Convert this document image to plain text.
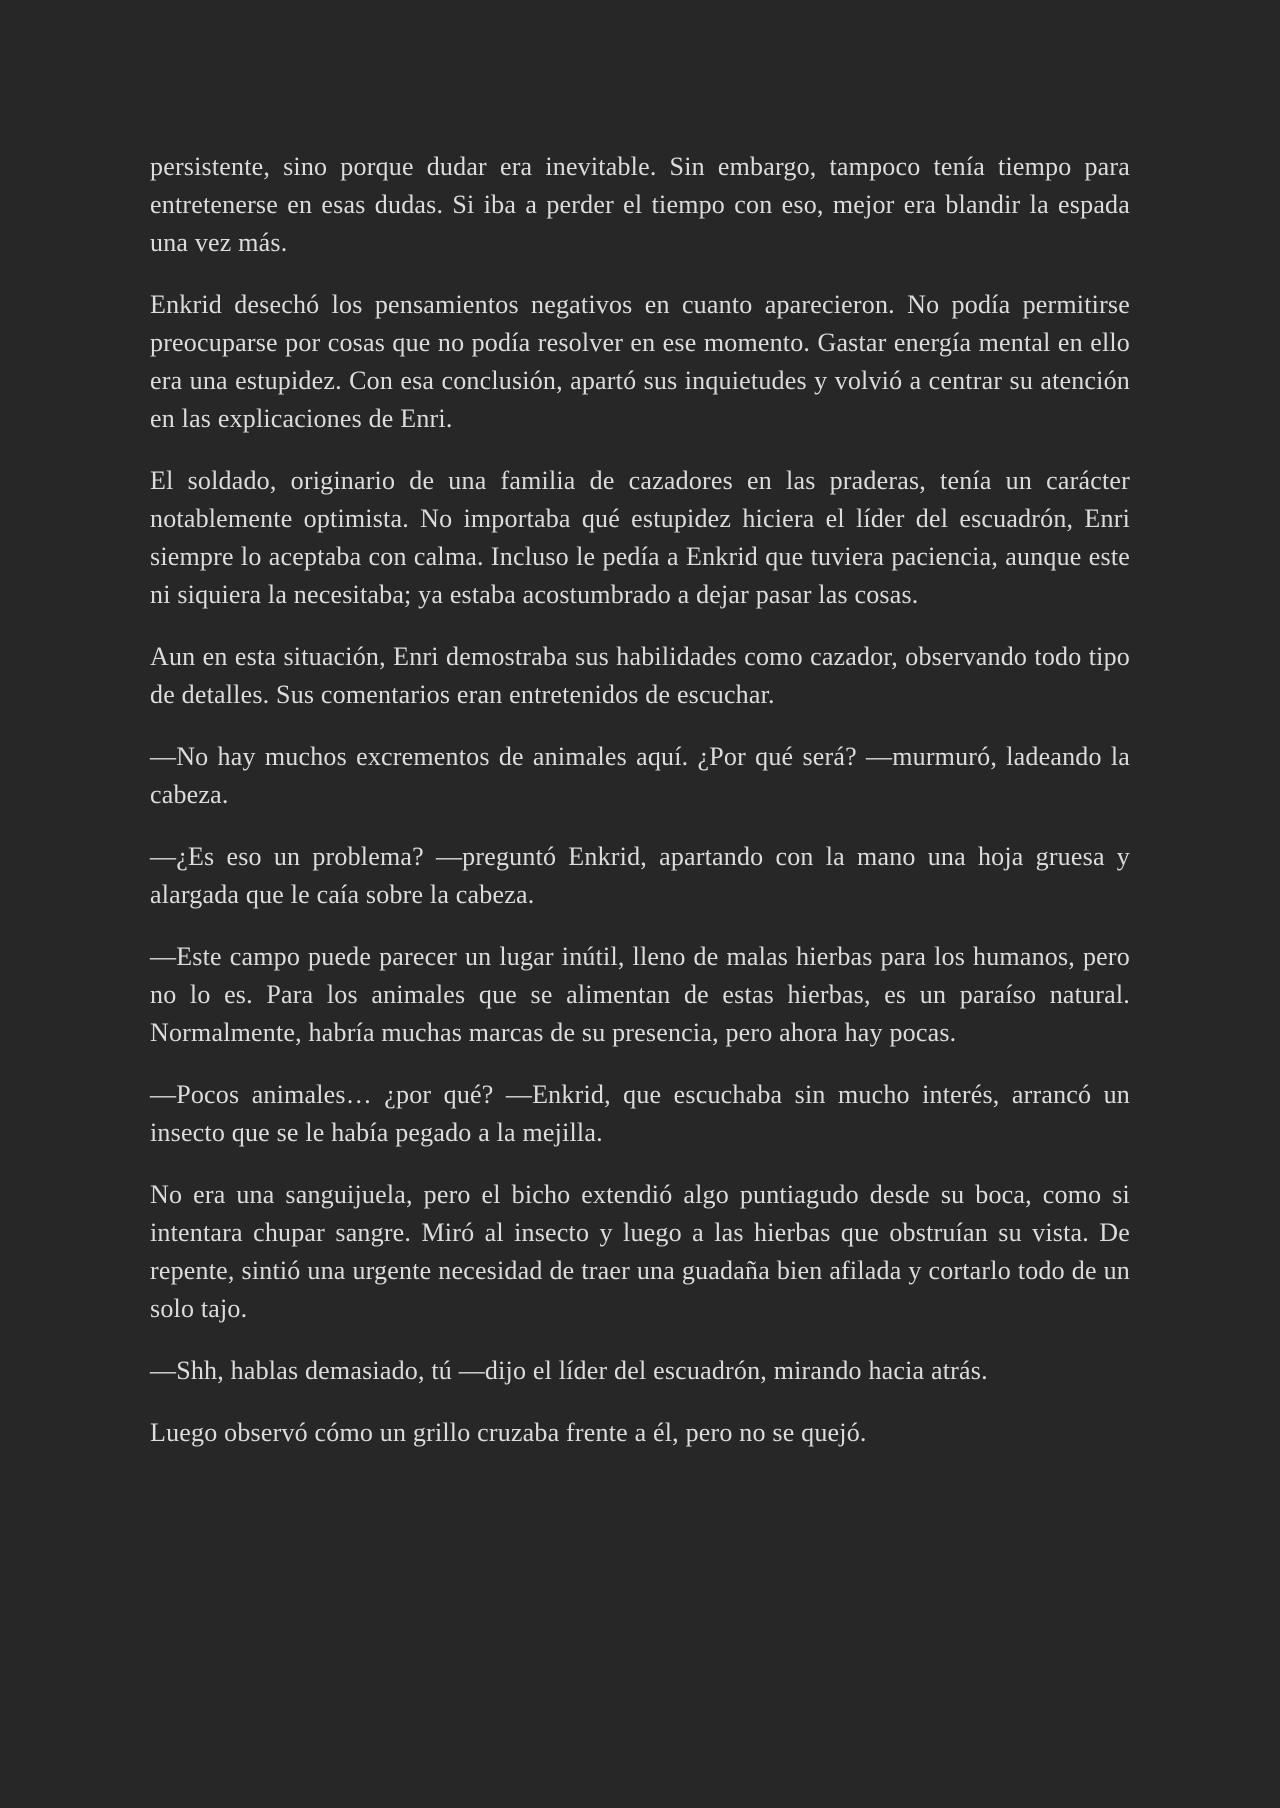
persistente, sino porque dudar era inevitable. Sin embargo, tampoco tenía tiempo para entretenerse en esas dudas. Si iba a perder el tiempo con eso, mejor era blandir la espada una vez más.

Enkrid desechó los pensamientos negativos en cuanto aparecieron. No podía permitirse preocuparse por cosas que no podía resolver en ese momento. Gastar energía mental en ello era una estupidez. Con esa conclusión, apartó sus inquietudes y volvió a centrar su atención en las explicaciones de Enri.

El soldado, originario de una familia de cazadores en las praderas, tenía un carácter notablemente optimista. No importaba qué estupidez hiciera el líder del escuadrón, Enri siempre lo aceptaba con calma. Incluso le pedía a Enkrid que tuviera paciencia, aunque este ni siquiera la necesitaba; ya estaba acostumbrado a dejar pasar las cosas.

Aun en esta situación, Enri demostraba sus habilidades como cazador, observando todo tipo de detalles. Sus comentarios eran entretenidos de escuchar.

—No hay muchos excrementos de animales aquí. ¿Por qué será? —murmuró, ladeando la cabeza.

—¿Es eso un problema? —preguntó Enkrid, apartando con la mano una hoja gruesa y alargada que le caía sobre la cabeza.

—Este campo puede parecer un lugar inútil, lleno de malas hierbas para los humanos, pero no lo es. Para los animales que se alimentan de estas hierbas, es un paraíso natural. Normalmente, habría muchas marcas de su presencia, pero ahora hay pocas.

—Pocos animales… ¿por qué? —Enkrid, que escuchaba sin mucho interés, arrancó un insecto que se le había pegado a la mejilla.

No era una sanguijuela, pero el bicho extendió algo puntiagudo desde su boca, como si intentara chupar sangre. Miró al insecto y luego a las hierbas que obstruían su vista. De repente, sintió una urgente necesidad de traer una guadaña bien afilada y cortarlo todo de un solo tajo.

—Shh, hablas demasiado, tú —dijo el líder del escuadrón, mirando hacia atrás.

Luego observó cómo un grillo cruzaba frente a él, pero no se quejó.
